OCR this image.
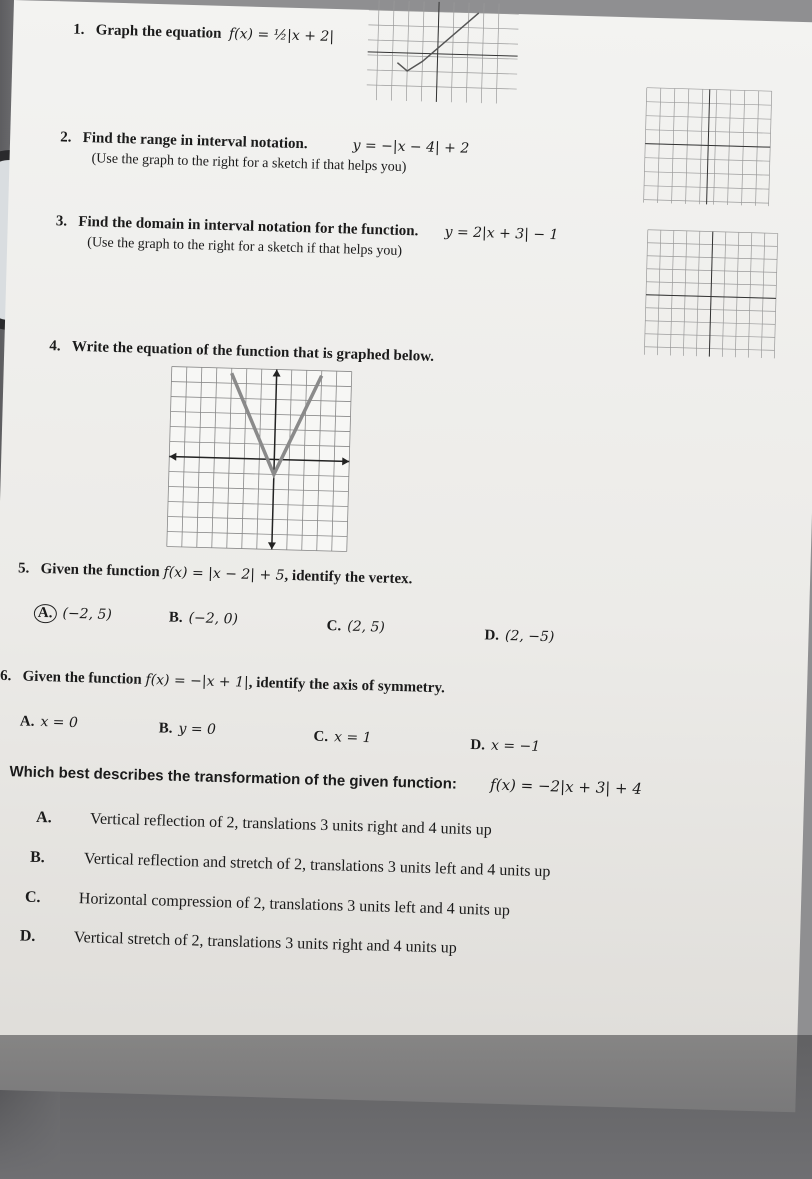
1. Graph the equation f(x) = ½|x + 2|
2. Find the range in interval notation.	y = −|x − 4| + 2
(Use the graph to the right for a sketch if that helps you)
3. Find the domain in interval notation for the function. y = 2|x + 3| − 1
(Use the graph to the right for a sketch if that helps you)
4. Write the equation of the function that is graphed below.
5. Given the function f(x) = |x − 2| + 5, identify the vertex.
A. (−2, 5)	B. (−2, 0)	C. (2, 5)	D. (2, −5)
6. Given the function f(x) = −|x + 1|, identify the axis of symmetry.
A. x = 0	B. y = 0	C. x = 1	D. x = −1
Which best describes the transformation of the given function: f(x) = −2|x + 3| + 4
A. Vertical reflection of 2, translations 3 units right and 4 units up
B. Vertical reflection and stretch of 2, translations 3 units left and 4 units up
C. Horizontal compression of 2, translations 3 units left and 4 units up
D. Vertical stretch of 2, translations 3 units right and 4 units up
